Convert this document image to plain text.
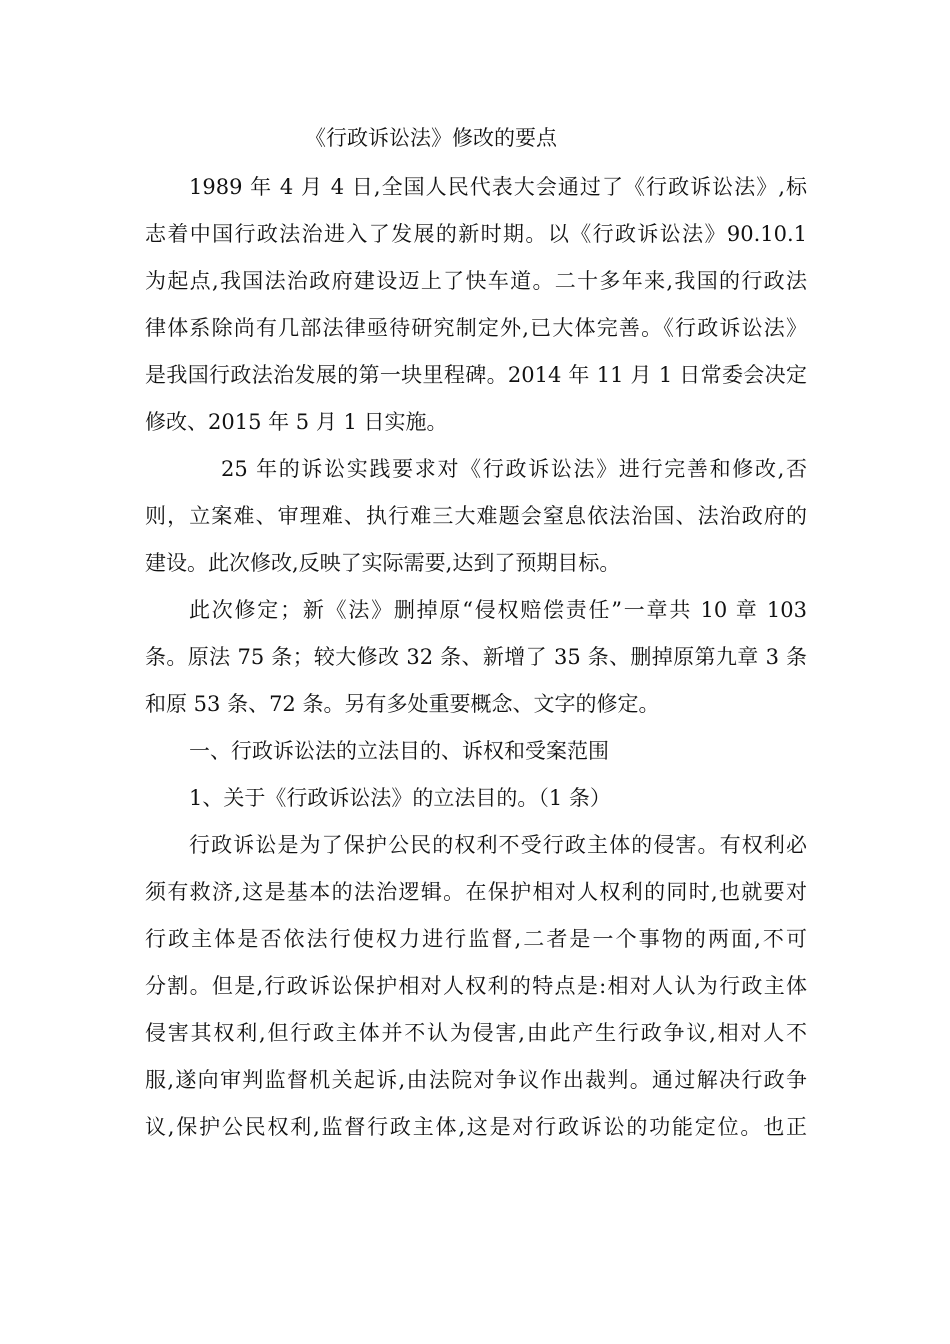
《行政诉讼法》修改的要点

1989 年 4 月 4 日,全国人民代表大会通过了《行政诉讼法》,标
志着中国行政法治进入了发展的新时期。以《行政诉讼法》90.10.1
为起点,我国法治政府建设迈上了快车道。二十多年来,我国的行政法
律体系除尚有几部法律亟待研究制定外,已大体完善。《行政诉讼法》
是我国行政法治发展的第一块里程碑。2014 年 11 月 1 日常委会决定
修改、2015 年 5 月 1 日实施。

25 年的诉讼实践要求对《行政诉讼法》进行完善和修改,否
则，立案难、审理难、执行难三大难题会窒息依法治国、法治政府的
建设。此次修改,反映了实际需要,达到了预期目标。

此次修定；新《法》删掉原“侵权赔偿责任”一章共 10 章 103
条。原法 75 条；较大修改 32 条、新增了 35 条、删掉原第九章 3 条
和原 53 条、72 条。另有多处重要概念、文字的修定。

一、行政诉讼法的立法目的、诉权和受案范围

1、关于《行政诉讼法》的立法目的。（1 条）

行政诉讼是为了保护公民的权利不受行政主体的侵害。有权利必
须有救济,这是基本的法治逻辑。在保护相对人权利的同时,也就要对
行政主体是否依法行使权力进行监督,二者是一个事物的两面,不可
分割。但是,行政诉讼保护相对人权利的特点是:相对人认为行政主体
侵害其权利,但行政主体并不认为侵害,由此产生行政争议,相对人不
服,遂向审判监督机关起诉,由法院对争议作出裁判。通过解决行政争
议,保护公民权利,监督行政主体,这是对行政诉讼的功能定位。也正
